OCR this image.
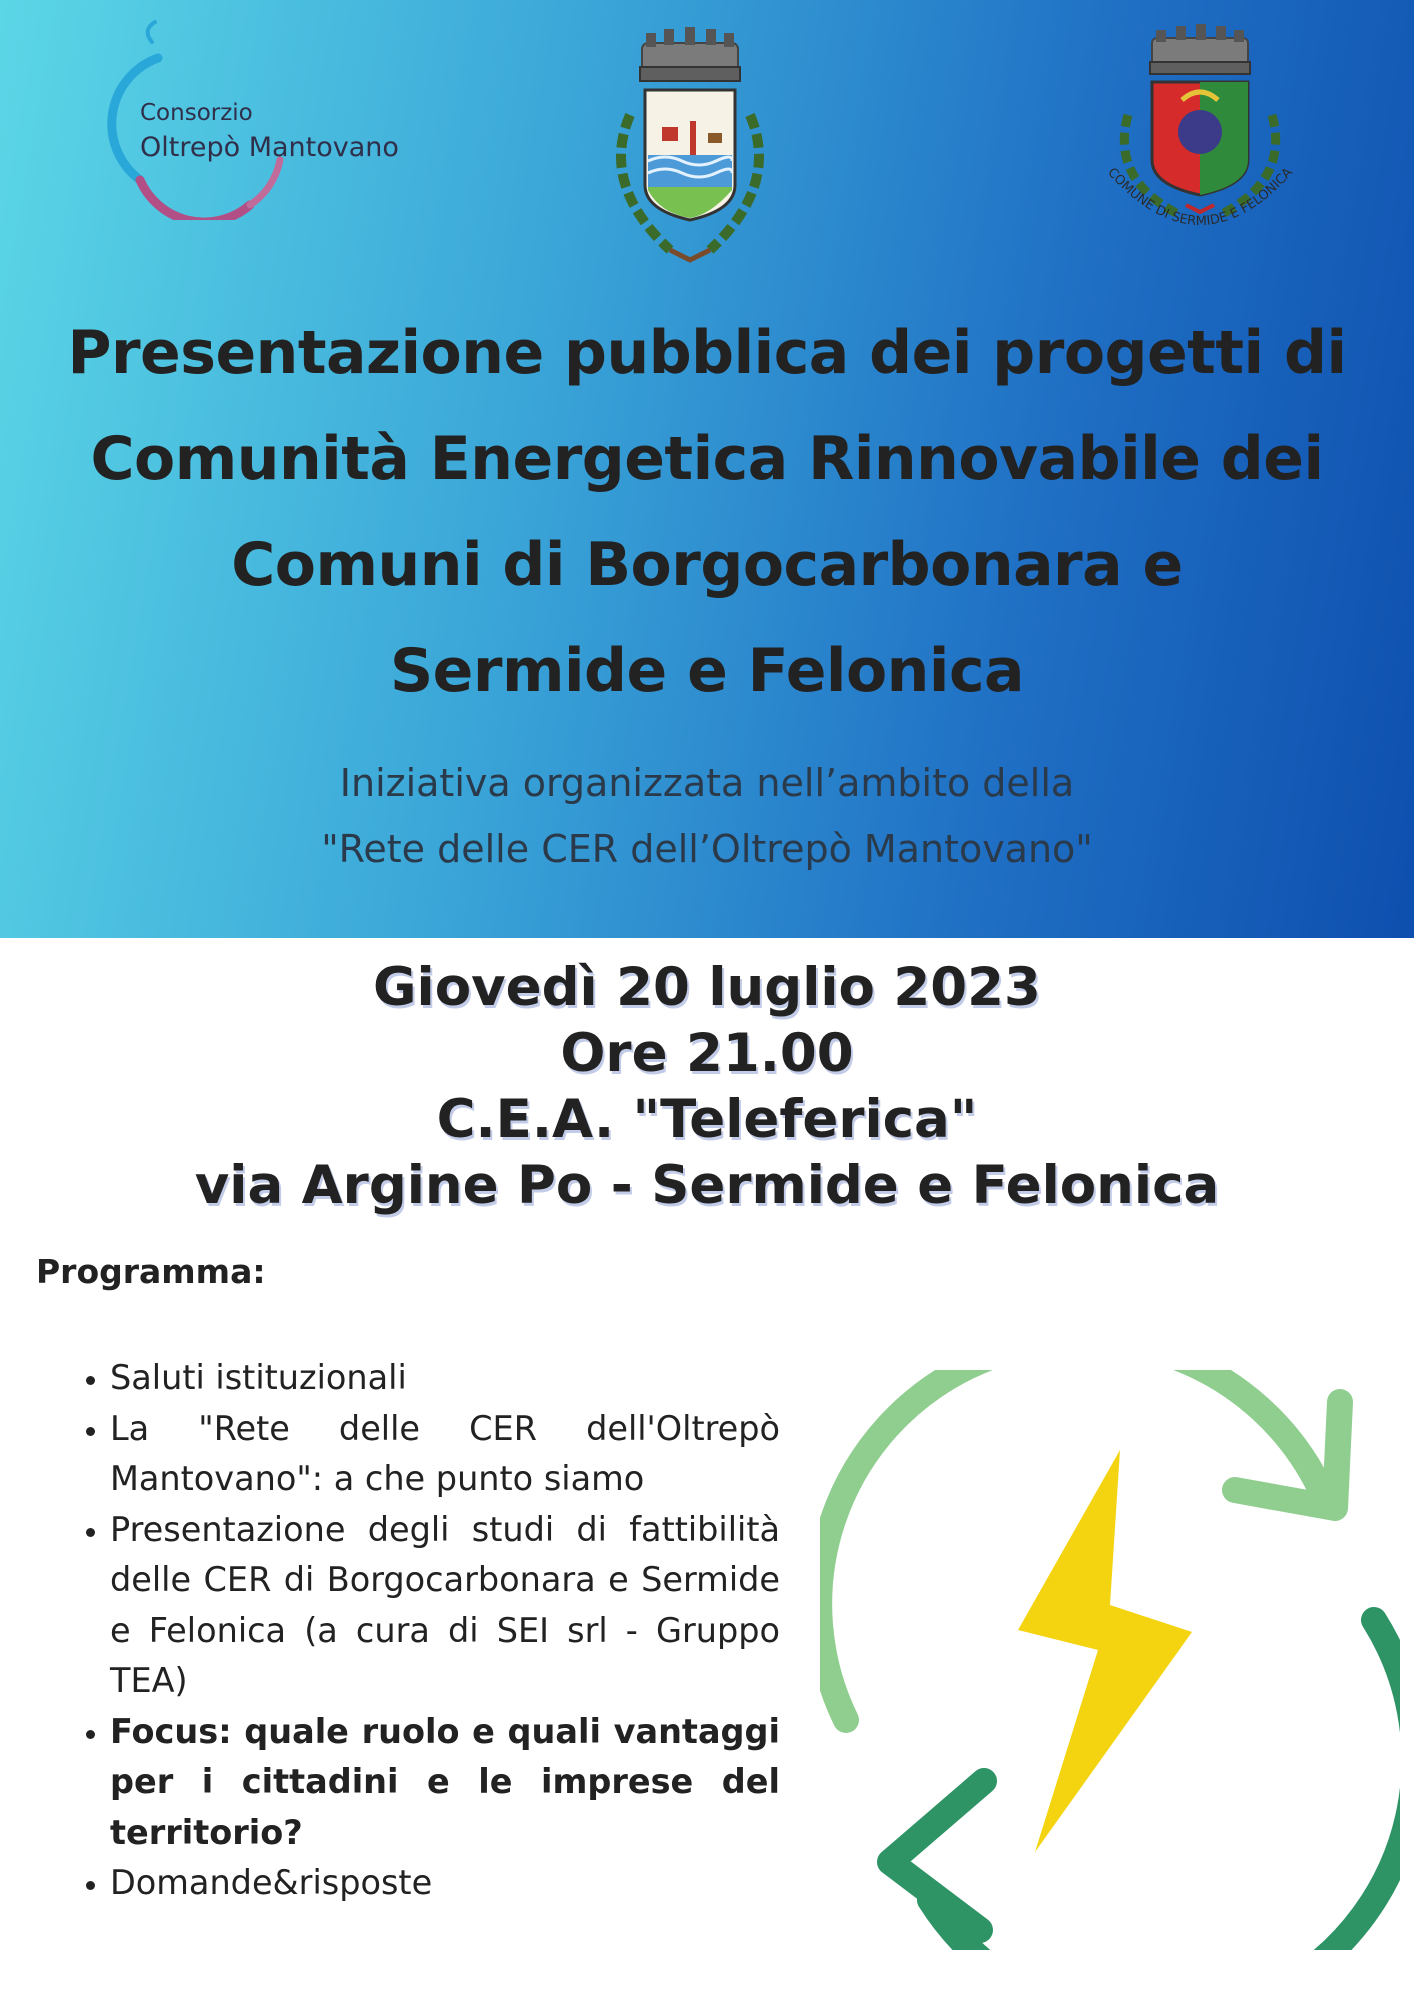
Consorzio
Oltrepò Mantovano
COMUNE DI SERMIDE E FELONICA
Presentazione pubblica dei progetti di
Comunità Energetica Rinnovabile dei
Comuni di Borgocarbonara e
Sermide e Felonica

Iniziativa organizzata nell’ambito della
"Rete delle CER dell’Oltrepò Mantovano"

Giovedì 20 luglio 2023
Ore 21.00
C.E.A. "Teleferica"
via Argine Po - Sermide e Felonica
Programma:
• Saluti istituzionali
• La "Rete delle CER dell'Oltrepò Mantovano": a che punto siamo
• Presentazione degli studi di fattibilità delle CER di Borgocarbonara e Sermide e Felonica (a cura di SEI srl - Gruppo TEA)
• Focus: quale ruolo e quali vantaggi per i cittadini e le imprese del territorio?
• Domande&risposte
